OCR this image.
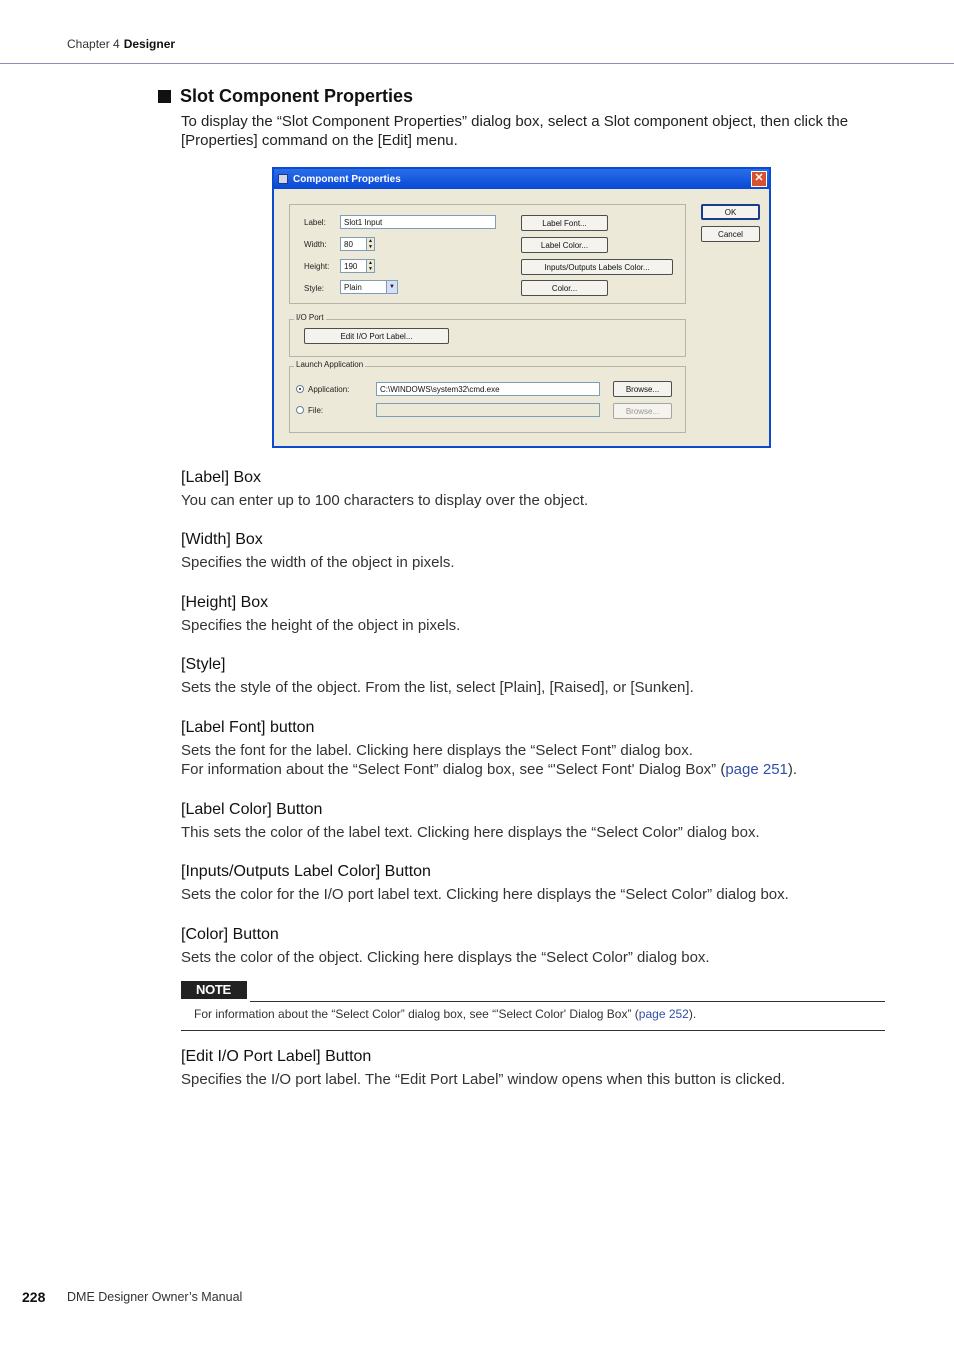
Chapter 4 Designer
Slot Component Properties
To display the “Slot Component Properties” dialog box, select a Slot component object, then click the [Properties] command on the [Edit] menu.
Component Properties	✕
Label:	Slot1 Input
Width:	80	▲
▼
Height:	190	▲
▼
Style:	Plain	▼
Label Font...
Label Color...
Inputs/Outputs Labels Color...
Color...
OK
Cancel
I/O Port
Edit I/O Port Label...
Launch Application
Application:	C:\WINDOWS\system32\cmd.exe	Browse...
File:	Browse...
[Label] Box

You can enter up to 100 characters to display over the object.

[Width] Box

Specifies the width of the object in pixels.

[Height] Box

Specifies the height of the object in pixels.

[Style]

Sets the style of the object. From the list, select [Plain], [Raised], or [Sunken].

[Label Font] button

Sets the font for the label. Clicking here displays the “Select Font” dialog box.

For information about the “Select Font” dialog box, see “'Select Font' Dialog Box” (page 251).

[Label Color] Button

This sets the color of the label text. Clicking here displays the “Select Color” dialog box.

[Inputs/Outputs Label Color] Button

Sets the color for the I/O port label text. Clicking here displays the “Select Color” dialog box.

[Color] Button

Sets the color of the object. Clicking here displays the “Select Color” dialog box.

NOTE
For information about the “Select Color” dialog box, see “'Select Color' Dialog Box” (page 252).
[Edit I/O Port Label] Button

Specifies the I/O port label. The “Edit Port Label” window opens when this button is clicked.

228 DME Designer Owner’s Manual
